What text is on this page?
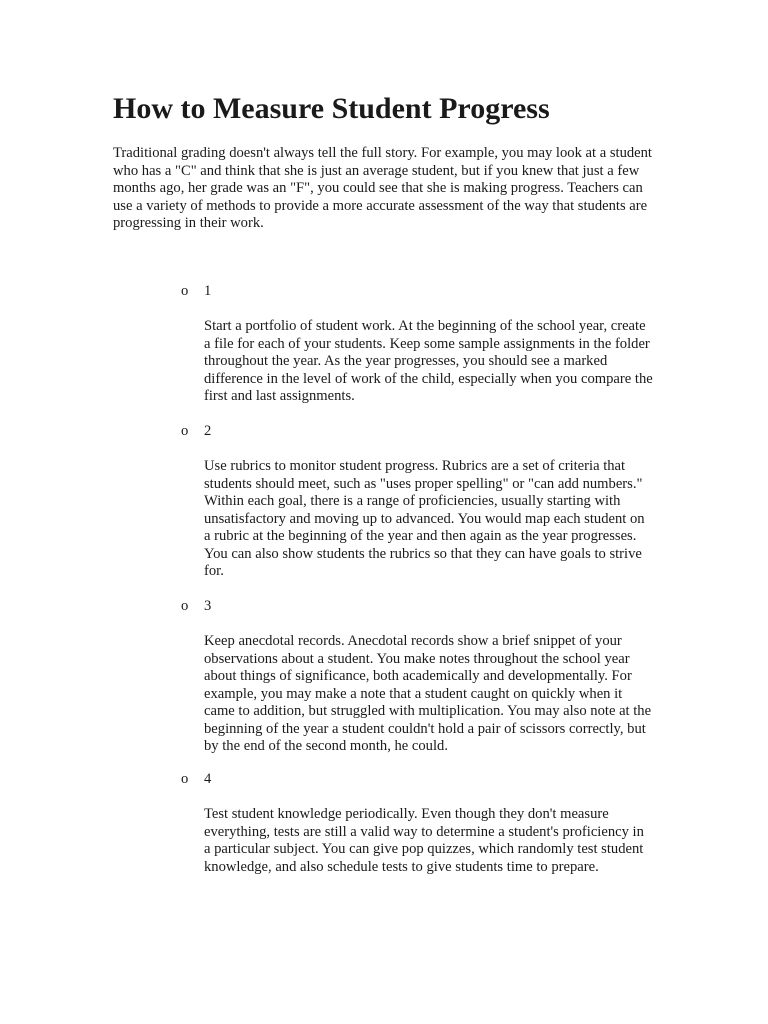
How to Measure Student Progress

Traditional grading doesn't always tell the full story. For example, you may look at a student who has a "C" and think that she is just an average student, but if you knew that just a few months ago, her grade was an "F", you could see that she is making progress. Teachers can use a variety of methods to provide a more accurate assessment of the way that students are progressing in their work.

o 1

Start a portfolio of student work. At the beginning of the school year, create a file for each of your students. Keep some sample assignments in the folder throughout the year. As the year progresses, you should see a marked difference in the level of work of the child, especially when you compare the first and last assignments.

o 2

Use rubrics to monitor student progress. Rubrics are a set of criteria that students should meet, such as "uses proper spelling" or "can add numbers." Within each goal, there is a range of proficiencies, usually starting with unsatisfactory and moving up to advanced. You would map each student on a rubric at the beginning of the year and then again as the year progresses. You can also show students the rubrics so that they can have goals to strive for.

o 3

Keep anecdotal records. Anecdotal records show a brief snippet of your observations about a student. You make notes throughout the school year about things of significance, both academically and developmentally. For example, you may make a note that a student caught on quickly when it came to addition, but struggled with multiplication. You may also note at the beginning of the year a student couldn't hold a pair of scissors correctly, but by the end of the second month, he could.

o 4

Test student knowledge periodically. Even though they don't measure everything, tests are still a valid way to determine a student's proficiency in a particular subject. You can give pop quizzes, which randomly test student knowledge, and also schedule tests to give students time to prepare.
